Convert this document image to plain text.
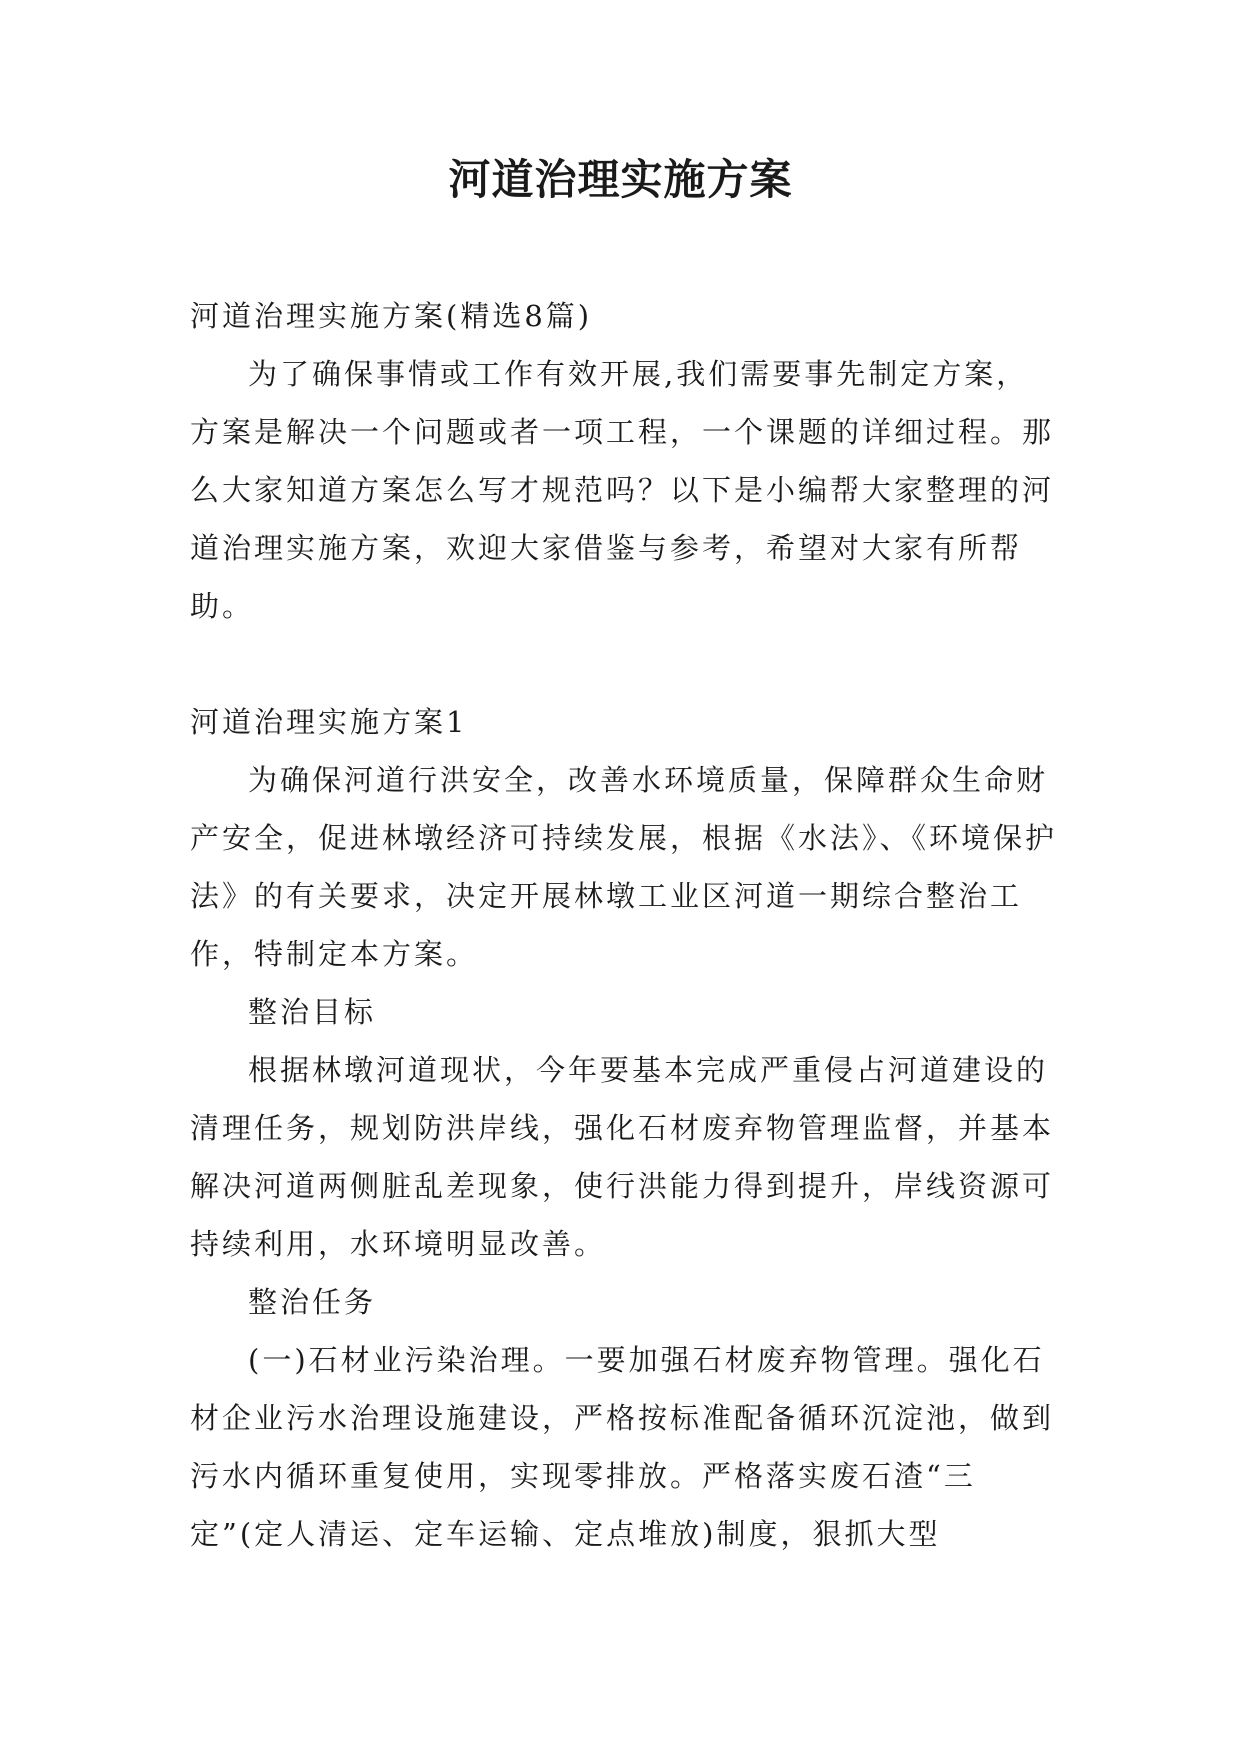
河道治理实施方案

河道治理实施方案(精选8篇)

为了确保事情或工作有效开展,我们需要事先制定方案，方案是解决一个问题或者一项工程，一个课题的详细过程。那么大家知道方案怎么写才规范吗？以下是小编帮大家整理的河道治理实施方案，欢迎大家借鉴与参考，希望对大家有所帮助。

河道治理实施方案1

为确保河道行洪安全，改善水环境质量，保障群众生命财产安全，促进林墩经济可持续发展，根据《水法》、《环境保护法》的有关要求，决定开展林墩工业区河道一期综合整治工作，特制定本方案。

整治目标

根据林墩河道现状，今年要基本完成严重侵占河道建设的清理任务，规划防洪岸线，强化石材废弃物管理监督，并基本解决河道两侧脏乱差现象，使行洪能力得到提升，岸线资源可持续利用，水环境明显改善。

整治任务

(一)石材业污染治理。一要加强石材废弃物管理。强化石材企业污水治理设施建设，严格按标准配备循环沉淀池，做到污水内循环重复使用，实现零排放。严格落实废石渣“三定”(定人清运、定车运输、定点堆放)制度，狠抓大型
